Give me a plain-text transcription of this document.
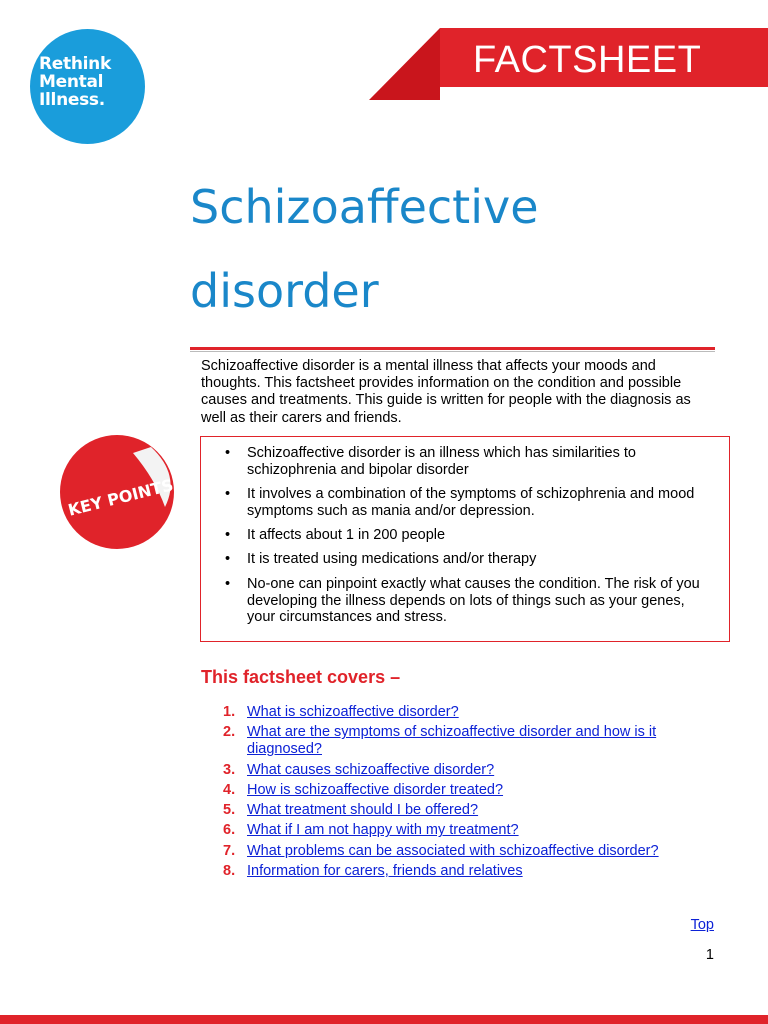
Rethink
Mental
Illness.
FACTSHEET
Schizoaffective
disorder
Schizoaffective disorder is a mental illness that affects your moods and thoughts. This factsheet provides information on the condition and possible causes and treatments. This guide is written for people with the diagnosis as well as their carers and friends.
KEY POINTS
• Schizoaffective disorder is an illness which has similarities to schizophrenia and bipolar disorder
• It involves a combination of the symptoms of schizophrenia and mood symptoms such as mania and/or depression.
• It affects about 1 in 200 people
• It is treated using medications and/or therapy
• No-one can pinpoint exactly what causes the condition. The risk of you developing the illness depends on lots of things such as your genes, your circumstances and stress.
This factsheet covers –
1. What is schizoaffective disorder?
2. What are the symptoms of schizoaffective disorder and how is it diagnosed?
3. What causes schizoaffective disorder?
4. How is schizoaffective disorder treated?
5. What treatment should I be offered?
6. What if I am not happy with my treatment?
7. What problems can be associated with schizoaffective disorder?
8. Information for carers, friends and relatives
Top
1
